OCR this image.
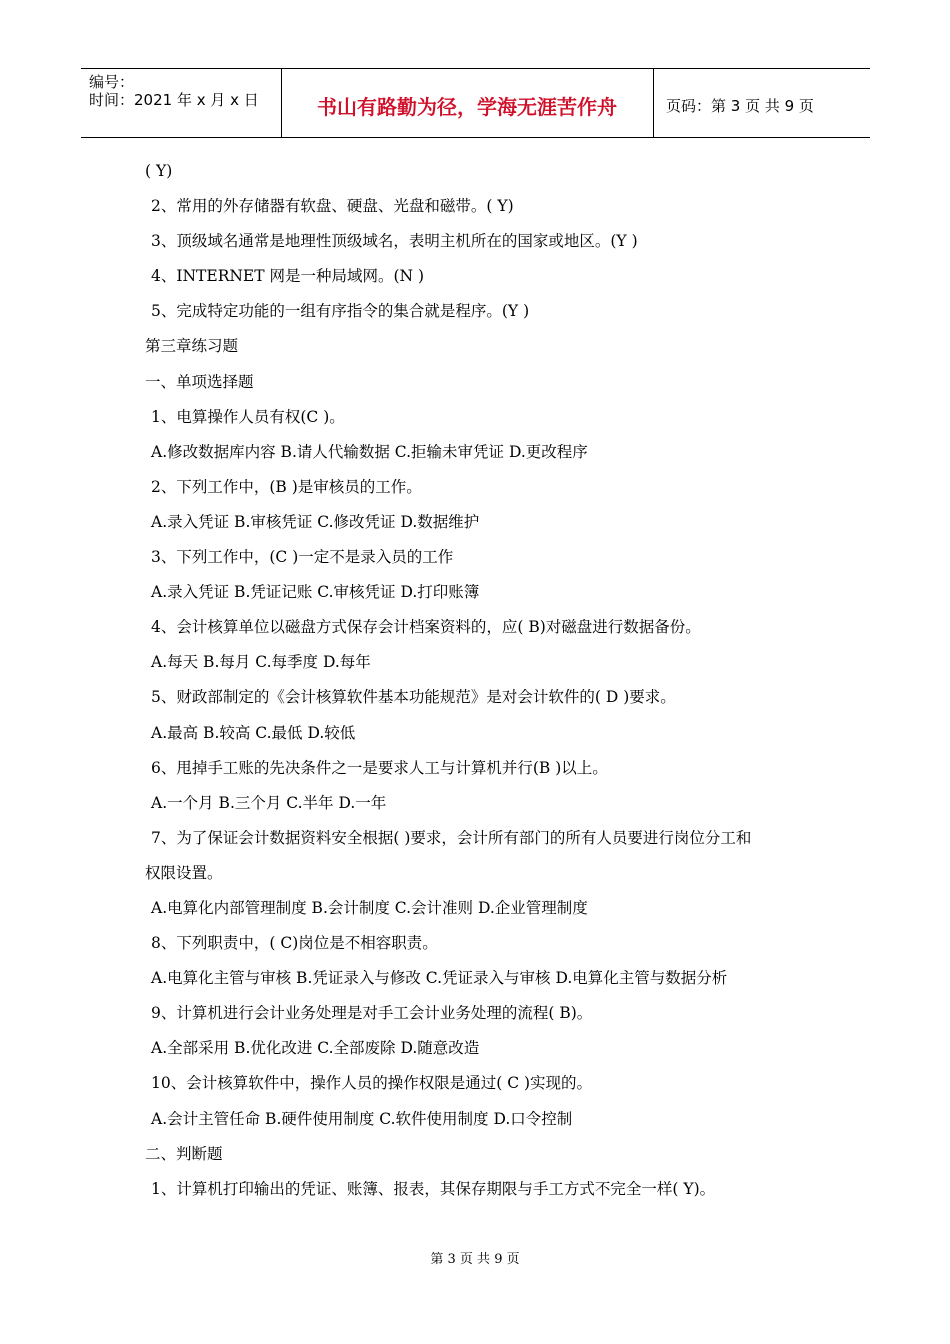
编号：
时间：2021 年 x 月 x 日	书山有路勤为径，学海无涯苦作舟	页码：第 3 页 共 9 页
( Y)
2、常用的外存储器有软盘、硬盘、光盘和磁带。( Y)
3、顶级域名通常是地理性顶级域名，表明主机所在的国家或地区。(Y )
4、INTERNET 网是一种局域网。(N )
5、完成特定功能的一组有序指令的集合就是程序。(Y )
第三章练习题
一、单项选择题
1、电算操作人员有权(C )。
A.修改数据库内容 B.请人代输数据 C.拒输未审凭证 D.更改程序
2、下列工作中，(B )是审核员的工作。
A.录入凭证 B.审核凭证 C.修改凭证 D.数据维护
3、下列工作中，(C )一定不是录入员的工作
A.录入凭证 B.凭证记账 C.审核凭证 D.打印账簿
4、会计核算单位以磁盘方式保存会计档案资料的，应( B)对磁盘进行数据备份。
A.每天 B.每月 C.每季度 D.每年
5、财政部制定的《会计核算软件基本功能规范》是对会计软件的( D )要求。
A.最高 B.较高 C.最低 D.较低
6、甩掉手工账的先决条件之一是要求人工与计算机并行(B )以上。
A.一个月 B.三个月 C.半年 D.一年
7、为了保证会计数据资料安全根据( )要求，会计所有部门的所有人员要进行岗位分工和
权限设置。
A.电算化内部管理制度 B.会计制度 C.会计准则 D.企业管理制度
8、下列职责中，( C)岗位是不相容职责。
A.电算化主管与审核 B.凭证录入与修改 C.凭证录入与审核 D.电算化主管与数据分析
9、计算机进行会计业务处理是对手工会计业务处理的流程( B)。
A.全部采用 B.优化改进 C.全部废除 D.随意改造
10、会计核算软件中，操作人员的操作权限是通过( C )实现的。
A.会计主管任命 B.硬件使用制度 C.软件使用制度 D.口令控制
二、判断题
1、计算机打印输出的凭证、账簿、报表，其保存期限与手工方式不完全一样( Y)。
第 3 页 共 9 页
